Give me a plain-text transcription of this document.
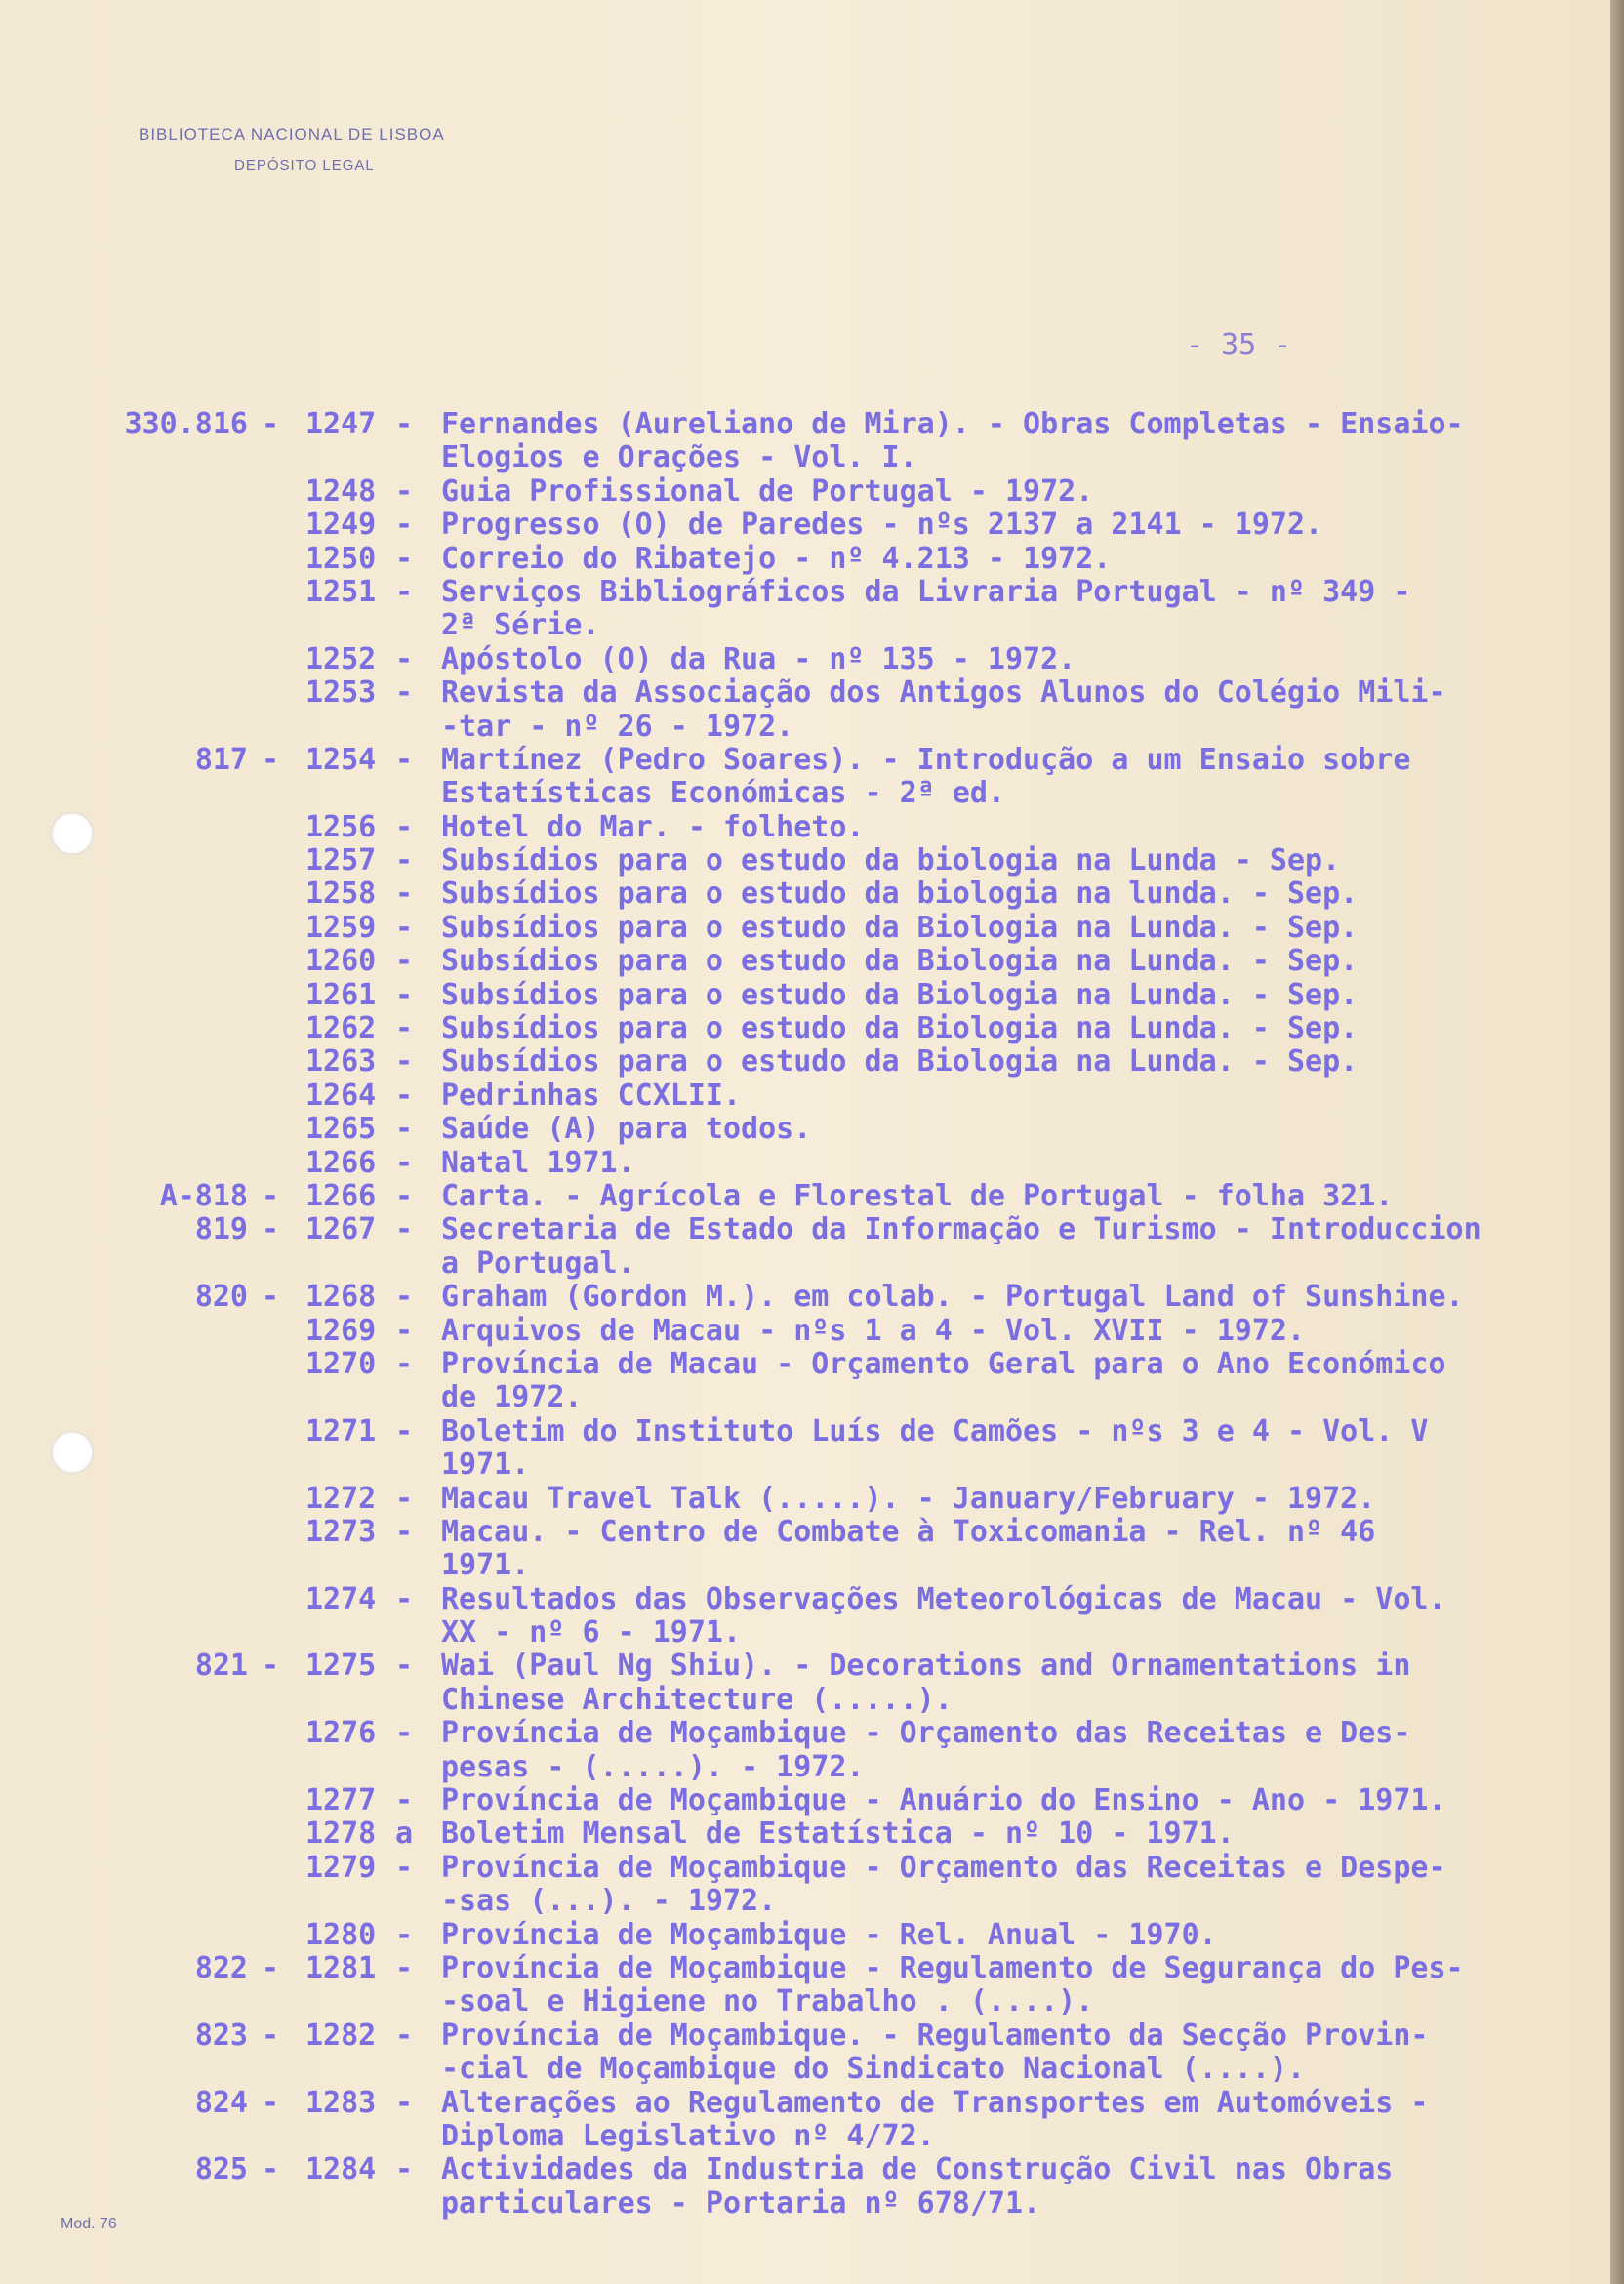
BIBLIOTECA NACIONAL DE LISBOA
DEPÓSITO LEGAL
- 35 -
330.816 - 1247 - Fernandes (Aureliano de Mira). - Obras Completas - Ensaio-
Elogios e Orações - Vol. I.
1248 - Guia Profissional de Portugal - 1972.
1249 - Progresso (O) de Paredes - nºs 2137 a 2141 - 1972.
1250 - Correio do Ribatejo - nº 4.213 - 1972.
1251 - Serviços Bibliográficos da Livraria Portugal - nº 349 -
2ª Série.
1252 - Apóstolo (O) da Rua - nº 135 - 1972.
1253 - Revista da Associação dos Antigos Alunos do Colégio Mili-
-tar - nº 26 - 1972.
817 - 1254 - Martínez (Pedro Soares). - Introdução a um Ensaio sobre
Estatísticas Económicas - 2ª ed.
1256 - Hotel do Mar. - folheto.
1257 - Subsídios para o estudo da biologia na Lunda - Sep.
1258 - Subsídios para o estudo da biologia na lunda. - Sep.
1259 - Subsídios para o estudo da Biologia na Lunda. - Sep.
1260 - Subsídios para o estudo da Biologia na Lunda. - Sep.
1261 - Subsídios para o estudo da Biologia na Lunda. - Sep.
1262 - Subsídios para o estudo da Biologia na Lunda. - Sep.
1263 - Subsídios para o estudo da Biologia na Lunda. - Sep.
1264 - Pedrinhas CCXLII.
1265 - Saúde (A) para todos.
1266 - Natal 1971.
A-818 - 1266 - Carta. - Agrícola e Florestal de Portugal - folha 321.
819 - 1267 - Secretaria de Estado da Informação e Turismo - Introduccion
a Portugal.
820 - 1268 - Graham (Gordon M.). em colab. - Portugal Land of Sunshine.
1269 - Arquivos de Macau - nºs 1 a 4 - Vol. XVII - 1972.
1270 - Província de Macau - Orçamento Geral para o Ano Económico
de 1972.
1271 - Boletim do Instituto Luís de Camões - nºs 3 e 4 - Vol. V
1971.
1272 - Macau Travel Talk (.....). - January/February - 1972.
1273 - Macau. - Centro de Combate à Toxicomania - Rel. nº 46
1971.
1274 - Resultados das Observações Meteorológicas de Macau - Vol.
XX - nº 6 - 1971.
821 - 1275 - Wai (Paul Ng Shiu). - Decorations and Ornamentations in
Chinese Architecture (.....).
1276 - Província de Moçambique - Orçamento das Receitas e Des-
pesas - (.....). - 1972.
1277 - Província de Moçambique - Anuário do Ensino - Ano - 1971.
1278 a Boletim Mensal de Estatística - nº 10 - 1971.
1279 - Província de Moçambique - Orçamento das Receitas e Despe-
-sas (...). - 1972.
1280 - Província de Moçambique - Rel. Anual - 1970.
822 - 1281 - Província de Moçambique - Regulamento de Segurança do Pes-
-soal e Higiene no Trabalho . (....).
823 - 1282 - Província de Moçambique. - Regulamento da Secção Provin-
-cial de Moçambique do Sindicato Nacional (....).
824 - 1283 - Alterações ao Regulamento de Transportes em Automóveis -
Diploma Legislativo nº 4/72.
825 - 1284 - Actividades da Industria de Construção Civil nas Obras
particulares - Portaria nº 678/71.
Mod. 76
